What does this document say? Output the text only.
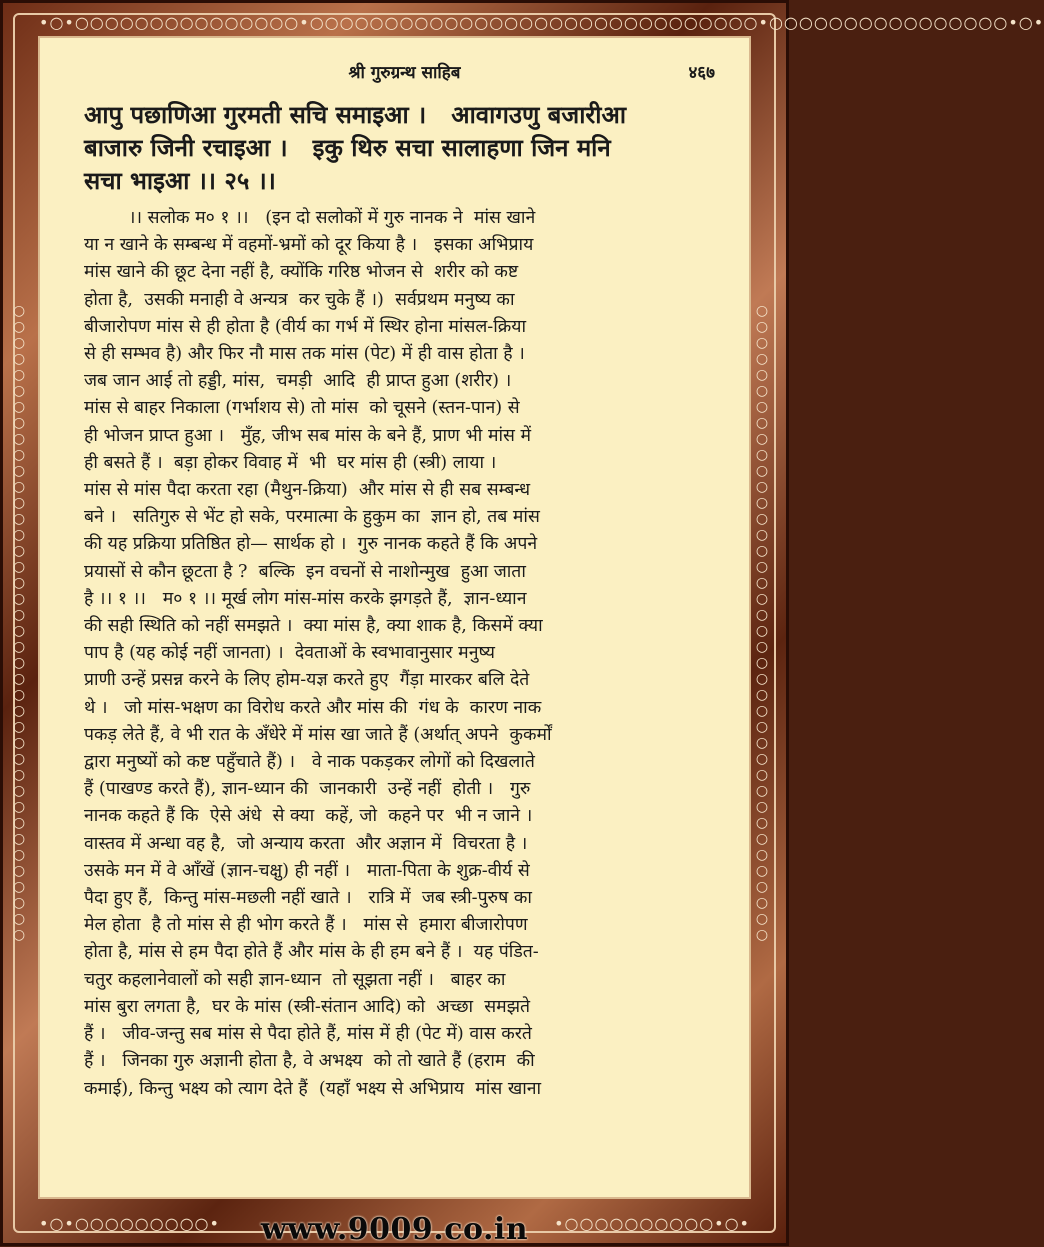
•○•○○○○○○○○○○○○○○○•○○○○○○○○○○○○○○○○○○○○○○○○○○○○○○•○○○○○○○○○○○○○○○○•○•
○○○○○○○○○○○○○○○○○○○○○○○○○○○○○○○○○○○○○○○○	○○○○○○○○○○○○○○○○○○○○○○○○○○○○○○○○○○○○○○○○
•○•○○○○○○○○○•	•○○○○○○○○○○•○•
www.9009.co.in
श्री गुरुग्रन्थ साहिब	४६७
आपु पछाणिआ गुरमती सचि समाइआ ।   आवागउणु बजारीआ
बाजारु जिनी रचाइआ ।   इकु थिरु सचा सालाहणा जिन मनि
सचा भाइआ ।। २५ ।।

।। सलोक म० १ ।।   (इन दो सलोकों में गुरु नानक ने  मांस खाने

या न खाने के सम्बन्ध में वहमों-भ्रमों को दूर किया है ।   इसका अभिप्राय

मांस खाने की छूट देना नहीं है, क्योंकि गरिष्ठ भोजन से  शरीर को कष्ट

होता है,  उसकी मनाही वे अन्यत्र  कर चुके हैं ।)  सर्वप्रथम मनुष्य का

बीजारोपण मांस से ही होता है (वीर्य का गर्भ में स्थिर होना मांसल-क्रिया

से ही सम्भव है) और फिर नौ मास तक मांस (पेट) में ही वास होता है ।

जब जान आई तो हड्डी, मांस,  चमड़ी  आदि  ही प्राप्त हुआ (शरीर) ।

मांस से बाहर निकाला (गर्भाशय से) तो मांस  को चूसने (स्तन-पान) से

ही भोजन प्राप्त हुआ ।   मुँह, जीभ सब मांस के बने हैं, प्राण भी मांस में

ही बसते हैं ।  बड़ा होकर विवाह में  भी  घर मांस ही (स्त्री) लाया ।

मांस से मांस पैदा करता रहा (मैथुन-क्रिया)  और मांस से ही सब सम्बन्ध

बने ।   सतिगुरु से भेंट हो सके, परमात्मा के हुकुम का  ज्ञान हो, तब मांस

की यह प्रक्रिया प्रतिष्ठित हो— सार्थक हो ।  गुरु नानक कहते हैं कि अपने

प्रयासों से कौन छूटता है ?  बल्कि  इन वचनों से नाशोन्मुख  हुआ जाता

है ।। १ ।।   म० १ ।। मूर्ख लोग मांस-मांस करके झगड़ते हैं,  ज्ञान-ध्यान

की सही स्थिति को नहीं समझते ।  क्या मांस है, क्या शाक है, किसमें क्या

पाप है (यह कोई नहीं जानता) ।  देवताओं के स्वभावानुसार मनुष्य

प्राणी उन्हें प्रसन्न करने के लिए होम-यज्ञ करते हुए  गैंड़ा मारकर बलि देते

थे ।   जो मांस-भक्षण का विरोध करते और मांस की  गंध के  कारण नाक

पकड़ लेते हैं, वे भी रात के अँधेरे में मांस खा जाते हैं (अर्थात् अपने  कुकर्मों

द्वारा मनुष्यों को कष्ट पहुँचाते हैं) ।   वे नाक पकड़कर लोगों को दिखलाते

हैं (पाखण्ड करते हैं), ज्ञान-ध्यान की  जानकारी  उन्हें नहीं  होती ।   गुरु

नानक कहते हैं कि  ऐसे अंधे  से क्या  कहें, जो  कहने पर  भी न जाने ।

वास्तव में अन्धा वह है,  जो अन्याय करता  और अज्ञान में  विचरता है ।

उसके मन में वे आँखें (ज्ञान-चक्षु) ही नहीं ।   माता-पिता के शुक्र-वीर्य से

पैदा हुए हैं,  किन्तु मांस-मछली नहीं खाते ।   रात्रि में  जब स्त्री-पुरुष का

मेल होता  है तो मांस से ही भोग करते हैं ।   मांस से  हमारा बीजारोपण

होता है, मांस से हम पैदा होते हैं और मांस के ही हम बने हैं ।  यह पंडित-

चतुर कहलानेवालों को सही ज्ञान-ध्यान  तो सूझता नहीं ।   बाहर का

मांस बुरा लगता है,  घर के मांस (स्त्री-संतान आदि) को  अच्छा  समझते

हैं ।   जीव-जन्तु सब मांस से पैदा होते हैं, मांस में ही (पेट में) वास करते

हैं ।   जिनका गुरु अज्ञानी होता है, वे अभक्ष्य  को तो खाते हैं (हराम  की

कमाई), किन्तु भक्ष्य को त्याग देते हैं  (यहाँ भक्ष्य से अभिप्राय  मांस खाना
